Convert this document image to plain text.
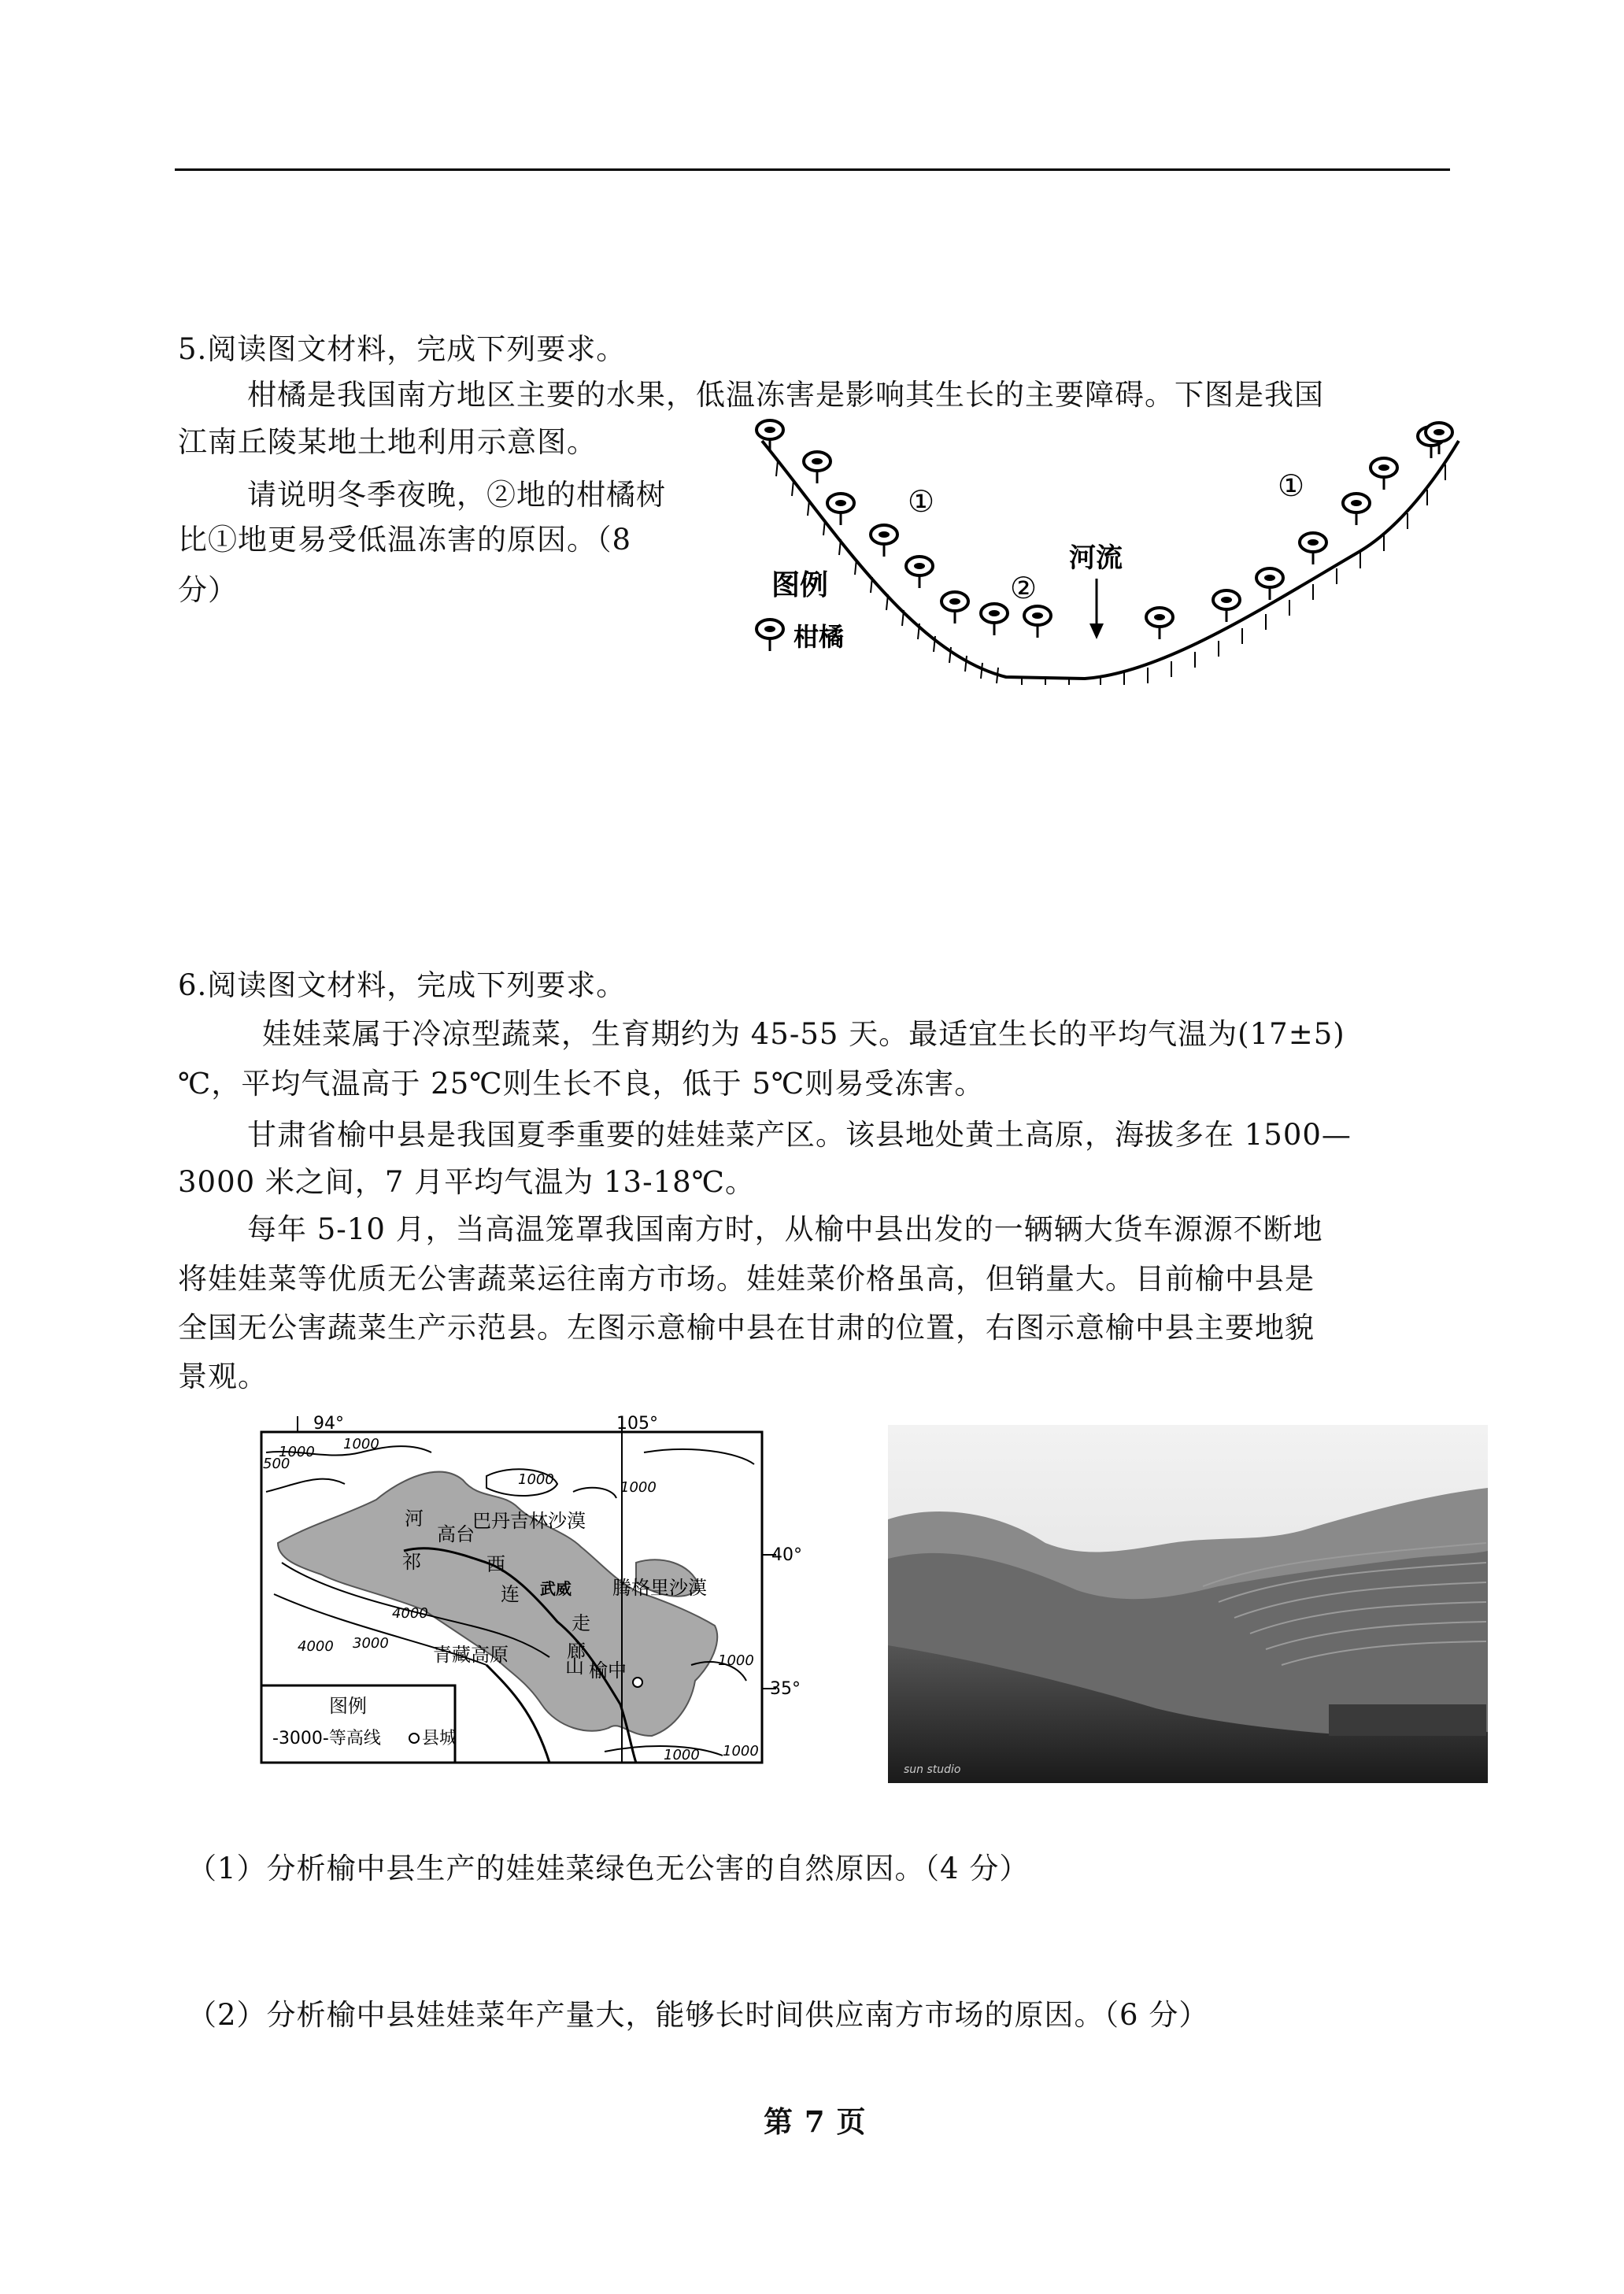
5.阅读图文材料，完成下列要求。
柑橘是我国南方地区主要的水果，低温冻害是影响其生长的主要障碍。下图是我国
江南丘陵某地土地利用示意图。
请说明冬季夜晚，②地的柑橘树
比①地更易受低温冻害的原因。（8
分）
①	①
②
河流
图例
柑橘
6.阅读图文材料，完成下列要求。
娃娃菜属于冷凉型蔬菜，生育期约为 45-55 天。最适宜生长的平均气温为(17±5)
℃，平均气温高于 25℃则生长不良，低于 5℃则易受冻害。
甘肃省榆中县是我国夏季重要的娃娃菜产区。该县地处黄土高原，海拔多在 1500—
3000 米之间，7 月平均气温为 13-18℃。
每年 5-10 月，当高温笼罩我国南方时，从榆中县出发的一辆辆大货车源源不断地
将娃娃菜等优质无公害蔬菜运往南方市场。娃娃菜价格虽高，但销量大。目前榆中县是
全国无公害蔬菜生产示范县。左图示意榆中县在甘肃的位置，右图示意榆中县主要地貌
景观。
94°	105°
40°
35°
1000
500
1000
1000	1000
1000
1000 1000
4000
4000 3000
河
高台
祁	西
连 武威
走
廊
山 榆中
巴丹吉林沙漠
腾格里沙漠
青藏高原
图例
-3000-等高线 县城
sun studio
（1）分析榆中县生产的娃娃菜绿色无公害的自然原因。（4 分）
（2）分析榆中县娃娃菜年产量大，能够长时间供应南方市场的原因。（6 分）
第 7 页
